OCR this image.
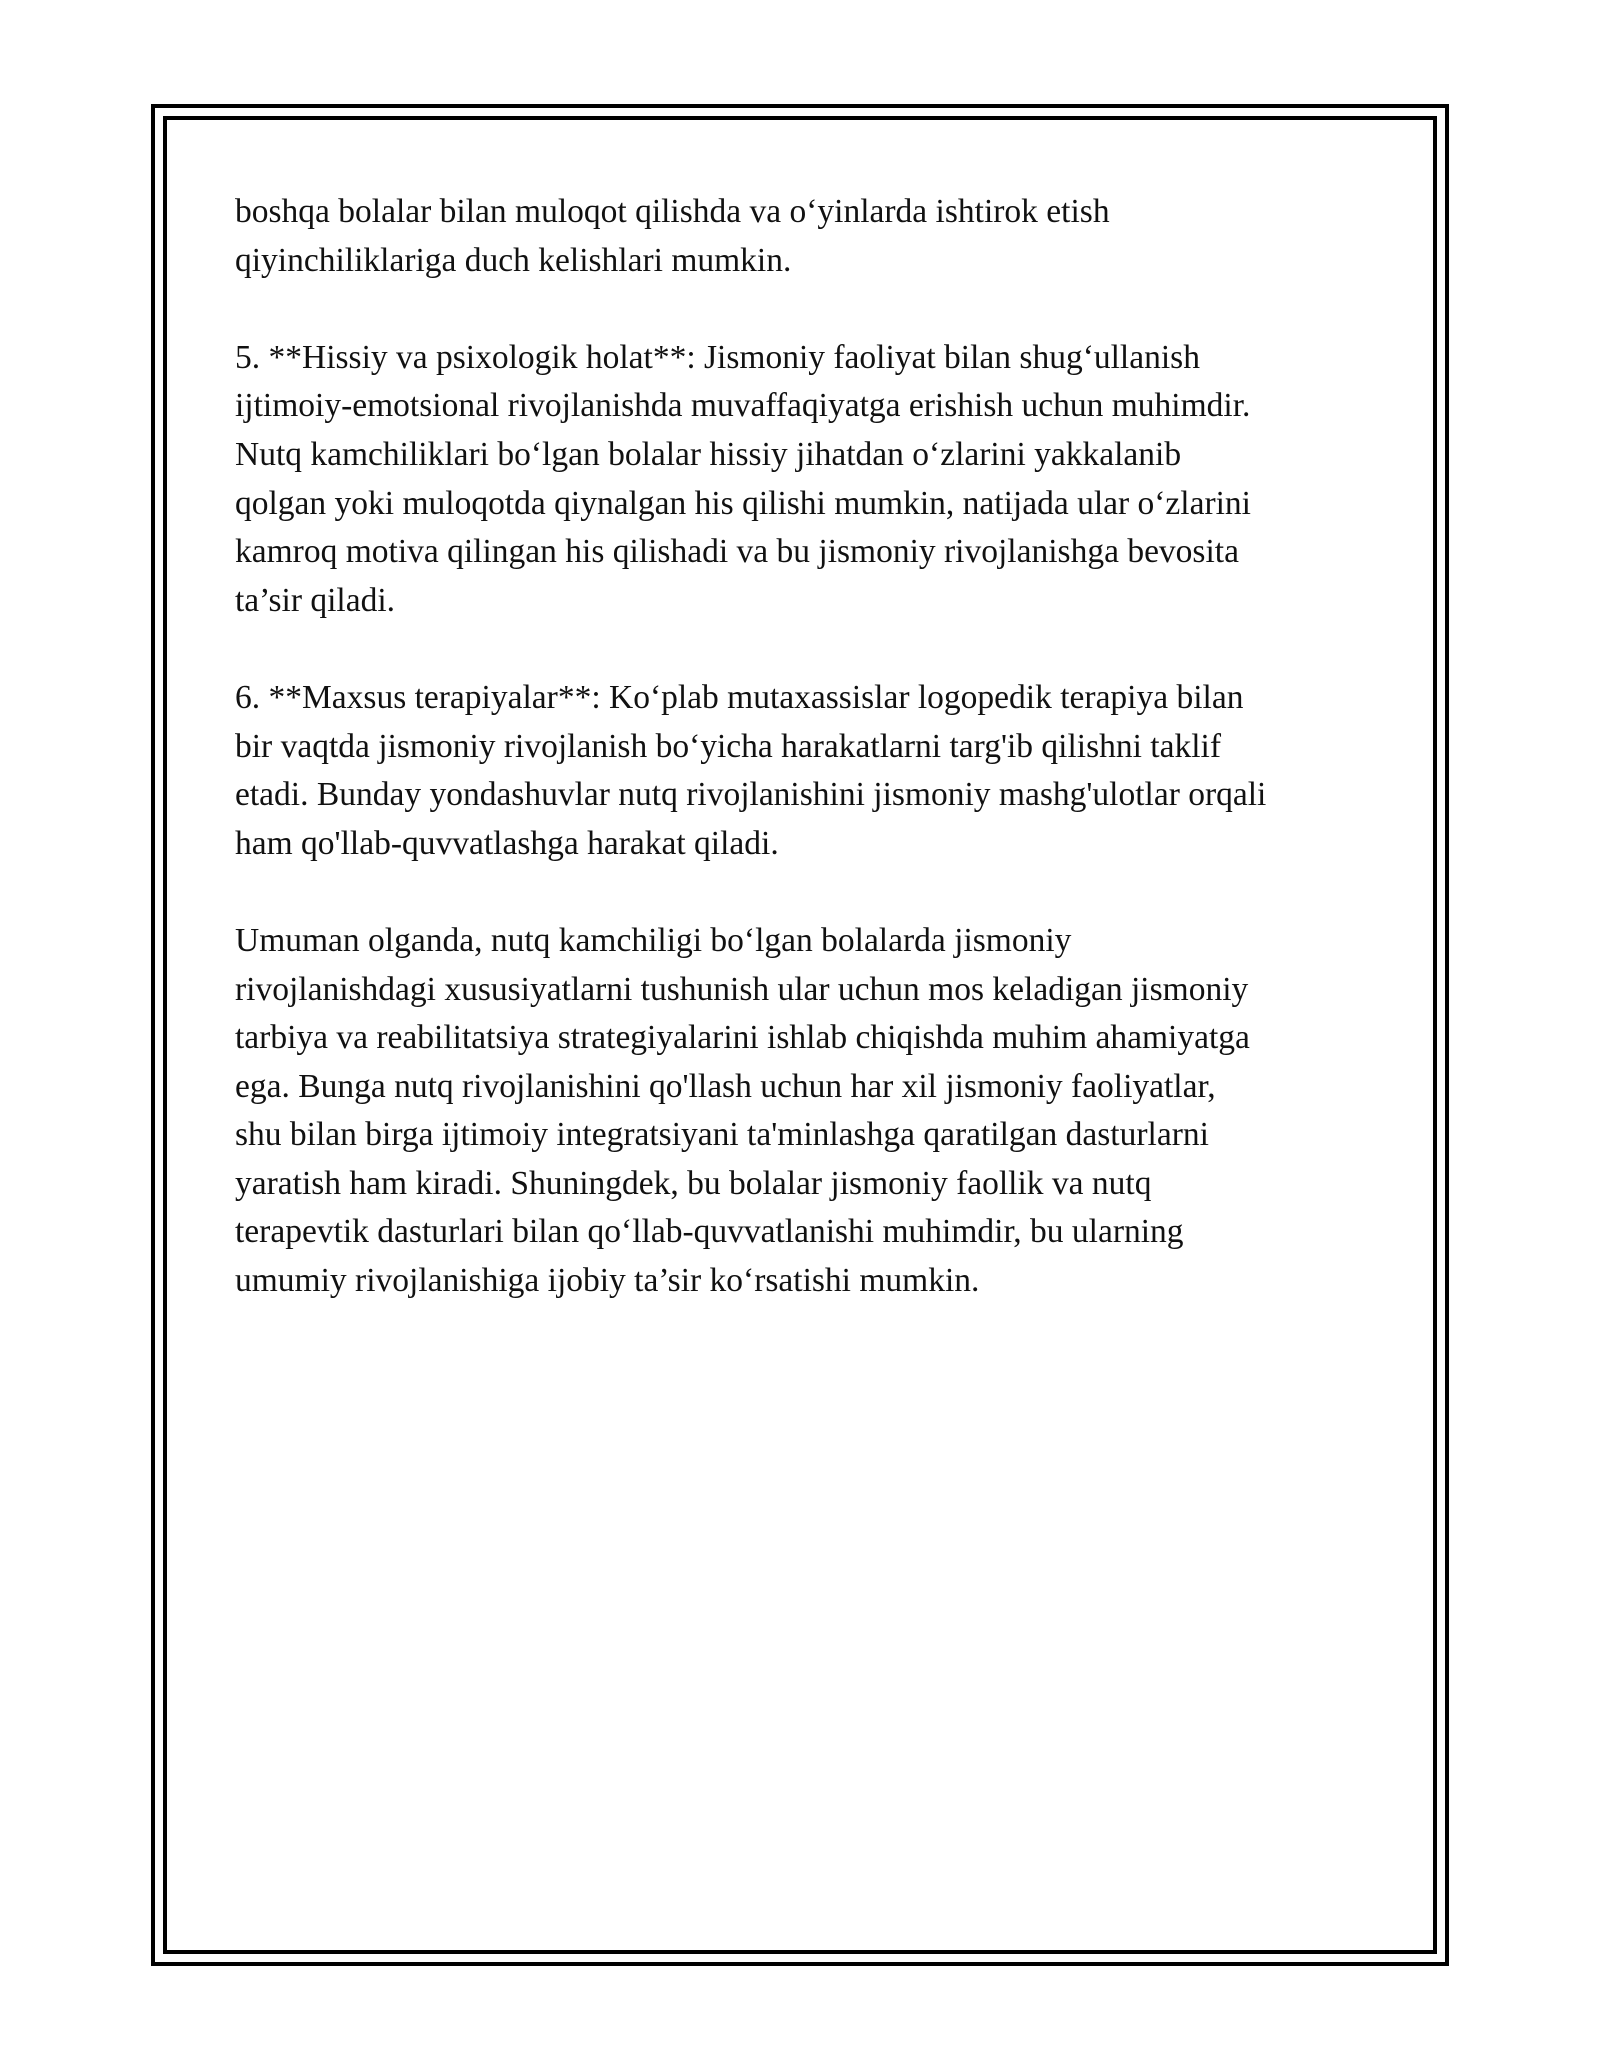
boshqa bolalar bilan muloqot qilishda va o‘yinlarda ishtirok etish
qiyinchiliklariga duch kelishlari mumkin.

5. **Hissiy va psixologik holat**: Jismoniy faoliyat bilan shug‘ullanish
ijtimoiy-emotsional rivojlanishda muvaffaqiyatga erishish uchun muhimdir.
Nutq kamchiliklari bo‘lgan bolalar hissiy jihatdan o‘zlarini yakkalanib
qolgan yoki muloqotda qiynalgan his qilishi mumkin, natijada ular o‘zlarini
kamroq motiva qilingan his qilishadi va bu jismoniy rivojlanishga bevosita
ta’sir qiladi.

6. **Maxsus terapiyalar**: Ko‘plab mutaxassislar logopedik terapiya bilan
bir vaqtda jismoniy rivojlanish bo‘yicha harakatlarni targ'ib qilishni taklif
etadi. Bunday yondashuvlar nutq rivojlanishini jismoniy mashg'ulotlar orqali
ham qo'llab-quvvatlashga harakat qiladi.

Umuman olganda, nutq kamchiligi bo‘lgan bolalarda jismoniy
rivojlanishdagi xususiyatlarni tushunish ular uchun mos keladigan jismoniy
tarbiya va reabilitatsiya strategiyalarini ishlab chiqishda muhim ahamiyatga
ega. Bunga nutq rivojlanishini qo'llash uchun har xil jismoniy faoliyatlar,
shu bilan birga ijtimoiy integratsiyani ta'minlashga qaratilgan dasturlarni
yaratish ham kiradi. Shuningdek, bu bolalar jismoniy faollik va nutq
terapevtik dasturlari bilan qo‘llab-quvvatlanishi muhimdir, bu ularning
umumiy rivojlanishiga ijobiy ta’sir ko‘rsatishi mumkin.
